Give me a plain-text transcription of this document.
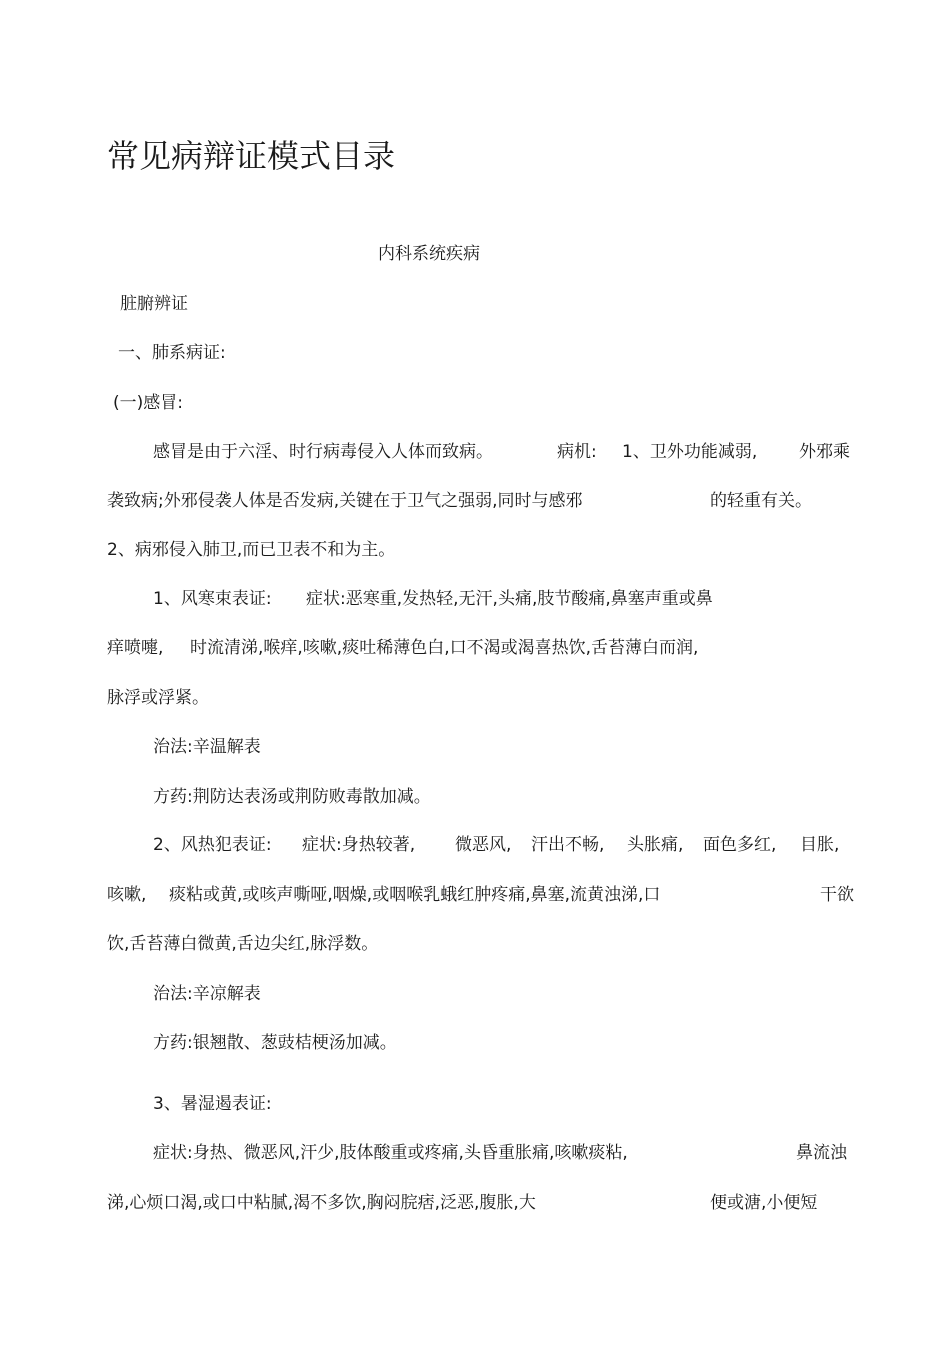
常见病辩证模式目录
内科系统疾病
脏腑辨证
一、肺系病证:
(一)感冒:
感冒是由于六淫、时行病毒侵入人体而致病。	病机: 1、卫外功能减弱, 外邪乘
袭致病;外邪侵袭人体是否发病,关键在于卫气之强弱,同时与感邪	的轻重有关。
2、病邪侵入肺卫,而已卫表不和为主。
1、风寒束表证: 症状:恶寒重,发热轻,无汗,头痛,肢节酸痛,鼻塞声重或鼻
痒喷嚏, 时流清涕,喉痒,咳嗽,痰吐稀薄色白,口不渴或渴喜热饮,舌苔薄白而润,
脉浮或浮紧。
治法:辛温解表
方药:荆防达表汤或荆防败毒散加减。
2、风热犯表证: 症状:身热较著, 微恶风, 汗出不畅, 头胀痛, 面色多红, 目胀,
咳嗽, 痰粘或黄,或咳声嘶哑,咽燥,或咽喉乳蛾红肿疼痛,鼻塞,流黄浊涕,口	干欲
饮,舌苔薄白微黄,舌边尖红,脉浮数。
治法:辛凉解表
方药:银翘散、葱豉桔梗汤加减。
3、暑湿遏表证:
症状:身热、微恶风,汗少,肢体酸重或疼痛,头昏重胀痛,咳嗽痰粘,	鼻流浊
涕,心烦口渴,或口中粘腻,渴不多饮,胸闷脘痞,泛恶,腹胀,大	便或溏,小便短
